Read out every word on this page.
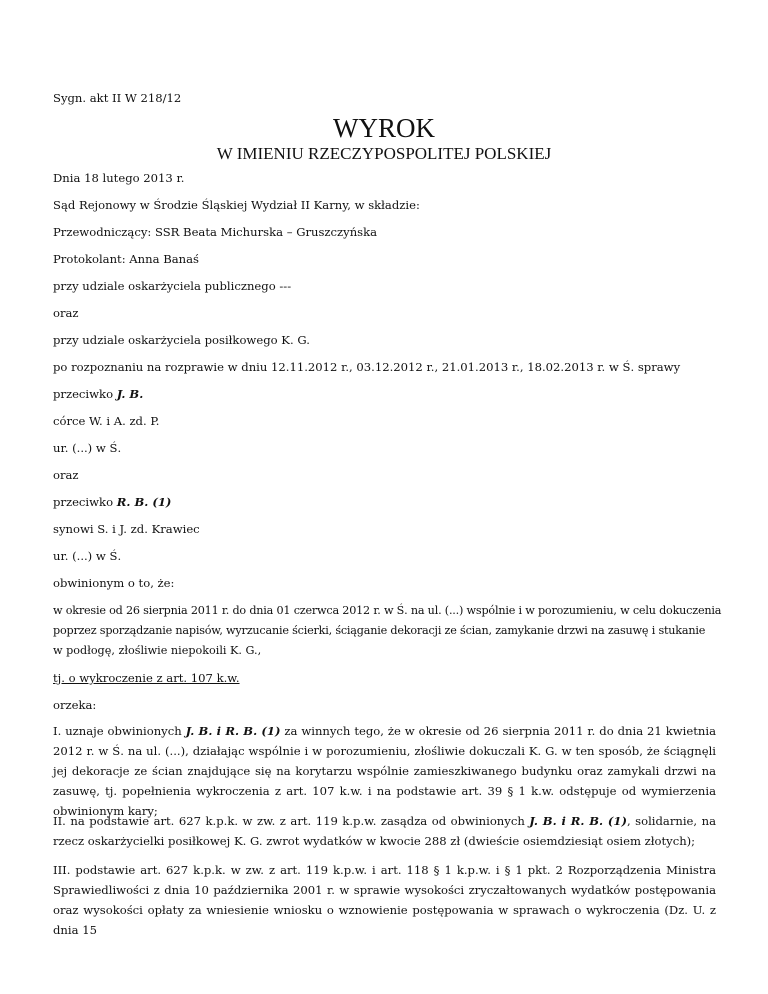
Sygn. akt II W 218/12
WYROK
W IMIENIU RZECZYPOSPOLITEJ POLSKIEJ
Dnia 18 lutego 2013 r.
Sąd Rejonowy w Środzie Śląskiej Wydział II Karny, w składzie:
Przewodniczący: SSR Beata Michurska – Gruszczyńska
Protokolant: Anna Banaś
przy udziale oskarżyciela publicznego ---
oraz
przy udziale oskarżyciela posiłkowego K. G.
po rozpoznaniu na rozprawie w dniu 12.11.2012 r., 03.12.2012 r., 21.01.2013 r., 18.02.2013 r. w Ś. sprawy
przeciwko J. B.
córce W. i A. zd. P.
ur. (...) w Ś.
oraz
przeciwko R. B. (1)
synowi S. i J. zd. Krawiec
ur. (...) w Ś.
obwinionym o to, że:
w okresie od 26 sierpnia 2011 r. do dnia 01 czerwca 2012 r. w Ś. na ul. (...) wspólnie i w porozumieniu, w celu dokuczenia
poprzez sporządzanie napisów, wyrzucanie ścierki, ściąganie dekoracji ze ścian, zamykanie drzwi na zasuwę i stukanie
w podłogę, złośliwie niepokoili K. G.,
tj. o wykroczenie z art. 107 k.w.
orzeka:
I. uznaje obwinionych J. B. i R. B. (1) za winnych tego, że w okresie od 26 sierpnia 2011 r. do dnia 21 kwietnia 2012 r. w Ś. na ul. (...), działając wspólnie i w porozumieniu, złośliwie dokuczali K. G. w ten sposób, że ściągnęli jej dekoracje ze ścian znajdujące się na korytarzu wspólnie zamieszkiwanego budynku oraz zamykali drzwi na zasuwę, tj. popełnienia wykroczenia z art. 107 k.w. i na podstawie art. 39 § 1 k.w. odstępuje od wymierzenia obwinionym kary;
II. na podstawie art. 627 k.p.k. w zw. z art. 119 k.p.w. zasądza od obwinionych J. B. i R. B. (1), solidarnie, na rzecz oskarżycielki posiłkowej K. G. zwrot wydatków w kwocie 288 zł (dwieście osiemdziesiąt osiem złotych);
III. podstawie art. 627 k.p.k. w zw. z art. 119 k.p.w. i art. 118 § 1 k.p.w. i § 1 pkt. 2 Rozporządzenia Ministra Sprawiedliwości z dnia 10 października 2001 r. w sprawie wysokości zryczałtowanych wydatków postępowania oraz wysokości opłaty za wniesienie wniosku o wznowienie postępowania w sprawach o wykroczenia (Dz. U. z dnia 15
